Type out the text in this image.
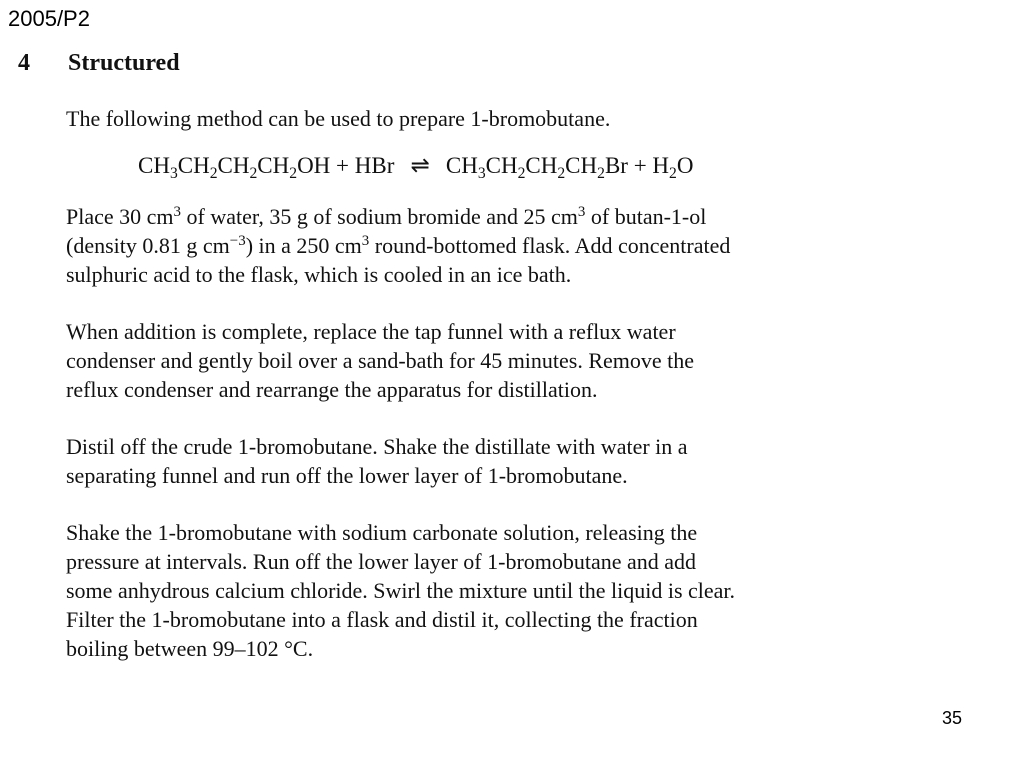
2005/P2
4 Structured

The following method can be used to prepare 1-bromobutane.

$CH_3CH_2CH_2CH_2OH$ + HBr ⇌ $CH_3CH_2CH_2CH_2Br + H_2O$

Place 30 $cm^3$ of water, 35 g of sodium bromide and 25 $cm^3$ of butan-1-ol
(density 0.81 g $cm^{-3}$) in a 250 $cm^3$ round-bottomed flask. Add concentrated
sulphuric acid to the flask, which is cooled in an ice bath.

When addition is complete, replace the tap funnel with a reflux water
condenser and gently boil over a sand-bath for 45 minutes. Remove the
reflux condenser and rearrange the apparatus for distillation.

Distil off the crude 1-bromobutane. Shake the distillate with water in a
separating funnel and run off the lower layer of 1-bromobutane.

Shake the 1-bromobutane with sodium carbonate solution, releasing the
pressure at intervals. Run off the lower layer of 1-bromobutane and add
some anhydrous calcium chloride. Swirl the mixture until the liquid is clear.
Filter the 1-bromobutane into a flask and distil it, collecting the fraction
boiling between 99–102 °C.

35
